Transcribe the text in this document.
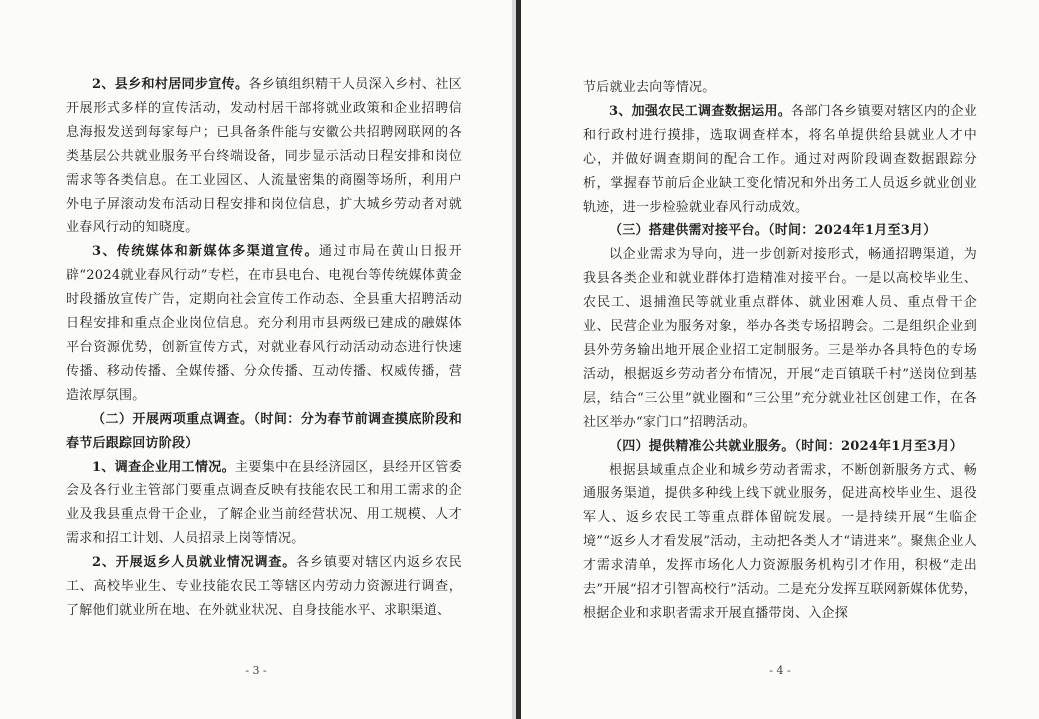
2、县乡和村居同步宣传。各乡镇组织精干人员深入乡村、社区开展形式多样的宣传活动，发动村居干部将就业政策和企业招聘信息海报发送到每家每户；已具备条件能与安徽公共招聘网联网的各类基层公共就业服务平台终端设备，同步显示活动日程安排和岗位需求等各类信息。在工业园区、人流量密集的商圈等场所，利用户外电子屏滚动发布活动日程安排和岗位信息，扩大城乡劳动者对就业春风行动的知晓度。

3、传统媒体和新媒体多渠道宣传。通过市局在黄山日报开辟“2024就业春风行动”专栏，在市县电台、电视台等传统媒体黄金时段播放宣传广告，定期向社会宣传工作动态、全县重大招聘活动日程安排和重点企业岗位信息。充分利用市县两级已建成的融媒体平台资源优势，创新宣传方式，对就业春风行动活动动态进行快速传播、移动传播、全媒传播、分众传播、互动传播、权威传播，营造浓厚氛围。

（二）开展两项重点调查。（时间：分为春节前调查摸底阶段和春节后跟踪回访阶段）

1、调查企业用工情况。主要集中在县经济园区，县经开区管委会及各行业主管部门要重点调查反映有技能农民工和用工需求的企业及我县重点骨干企业，了解企业当前经营状况、用工规模、人才需求和招工计划、人员招录上岗等情况。

2、开展返乡人员就业情况调查。各乡镇要对辖区内返乡农民工、高校毕业生、专业技能农民工等辖区内劳动力资源进行调查，了解他们就业所在地、在外就业状况、自身技能水平、求职渠道、

- 3 -

节后就业去向等情况。

3、加强农民工调查数据运用。各部门各乡镇要对辖区内的企业和行政村进行摸排，选取调查样本，将名单提供给县就业人才中心，并做好调查期间的配合工作。通过对两阶段调查数据跟踪分析，掌握春节前后企业缺工变化情况和外出务工人员返乡就业创业轨迹，进一步检验就业春风行动成效。

（三）搭建供需对接平台。（时间：2024年1月至3月）

以企业需求为导向，进一步创新对接形式，畅通招聘渠道，为我县各类企业和就业群体打造精准对接平台。一是以高校毕业生、农民工、退捕渔民等就业重点群体、就业困难人员、重点骨干企业、民营企业为服务对象，举办各类专场招聘会。二是组织企业到县外劳务输出地开展企业招工定制服务。三是举办各具特色的专场活动，根据返乡劳动者分布情况，开展“走百镇联千村”送岗位到基层，结合“三公里”就业圈和“三公里”充分就业社区创建工作，在各社区举办“家门口”招聘活动。

（四）提供精准公共就业服务。（时间：2024年1月至3月）

根据县域重点企业和城乡劳动者需求，不断创新服务方式、畅通服务渠道，提供多种线上线下就业服务，促进高校毕业生、退役军人、返乡农民工等重点群体留皖发展。一是持续开展“生临企境”“返乡人才看发展”活动，主动把各类人才“请进来”。聚焦企业人才需求清单，发挥市场化人力资源服务机构引才作用，积极“走出去”开展“招才引智高校行”活动。二是充分发挥互联网新媒体优势，根据企业和求职者需求开展直播带岗、入企探

- 4 -
